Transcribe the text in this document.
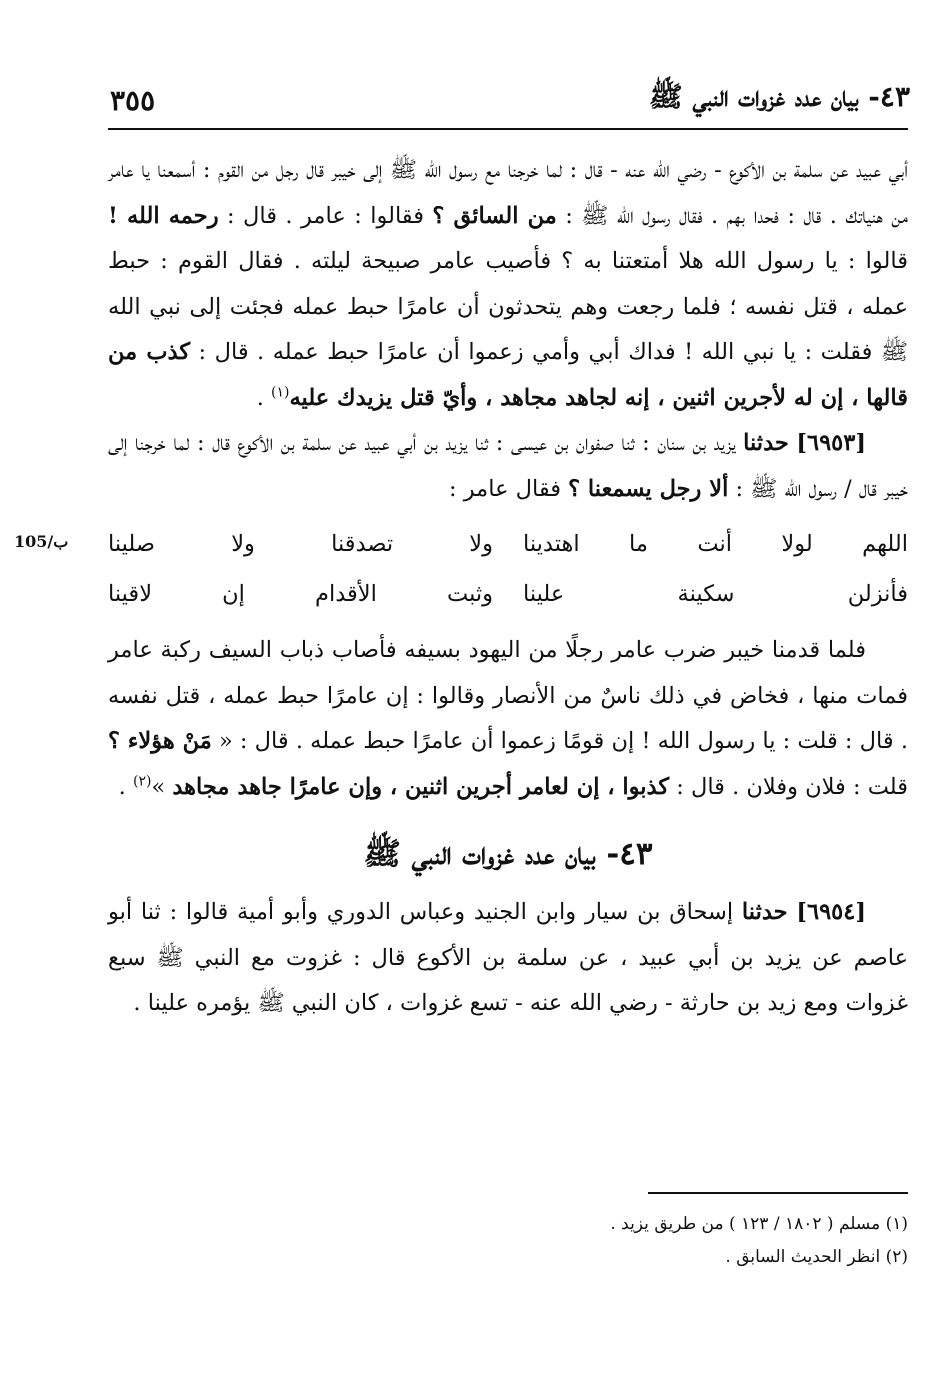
٤٣- بيان عدد غزوات النبي ﷺ
٣٥٥
105/ب

أبي عبيد عن سلمة بن الأكوع - رضي الله عنه - قال : لما خرجنا مع رسول الله ﷺ إلى خيبر قال رجل من القوم : أسمعنا يا عامر من هنياتك . قال : فحدا بهم . فقال رسول الله ﷺ : من السائق ؟ فقالوا : عامر . قال : رحمه الله ! قالوا : يا رسول الله هلا أمتعتنا به ؟ فأصيب عامر صبيحة ليلته . فقال القوم : حبط عمله ، قتل نفسه ؛ فلما رجعت وهم يتحدثون أن عامرًا حبط عمله فجئت إلى نبي الله ﷺ فقلت : يا نبي الله ! فداك أبي وأمي زعموا أن عامرًا حبط عمله . قال : كذب من قالها ، إن له لأجرين اثنين ، إنه لجاهد مجاهد ، وأيّ قتل يزيدك عليه$^{(١)}$ .

[٦٩٥٣] حدثنا يزيد بن سنان : ثنا صفوان بن عيسى : ثنا يزيد بن أبي عبيد عن سلمة بن الأكوع قال : لما خرجنا إلى خيبر قال / رسول الله ﷺ : ألا رجل يسمعنا ؟ فقال عامر :

اللهم لولا أنت ما اهتدينا
ولا تصدقنا ولا صلينا
فأنزلن سكينة علينا
وثبت الأقدام إن لاقينا

فلما قدمنا خيبر ضرب عامر رجلًا من اليهود بسيفه فأصاب ذباب السيف ركبة عامر فمات منها ، فخاض في ذلك ناسٌ من الأنصار وقالوا : إن عامرًا حبط عمله ، قتل نفسه . قال : قلت : يا رسول الله ! إن قومًا زعموا أن عامرًا حبط عمله . قال : « مَنْ هؤلاء ؟ قلت : فلان وفلان . قال : كذبوا ، إن لعامر أجرين اثنين ، وإن عامرًا جاهد مجاهد »$^{(٢)}$ .

٤٣- بيان عدد غزوات النبي ﷺ

[٦٩٥٤] حدثنا إسحاق بن سيار وابن الجنيد وعباس الدوري وأبو أمية قالوا : ثنا أبو عاصم عن يزيد بن أبي عبيد ، عن سلمة بن الأكوع قال : غزوت مع النبي ﷺ سبع غزوات ومع زيد بن حارثة - رضي الله عنه - تسع غزوات ، كان النبي ﷺ يؤمره علينا .

(١) مسلم ( ١٨٠٢ / ١٢٣ ) من طريق يزيد .

(٢) انظر الحديث السابق .
